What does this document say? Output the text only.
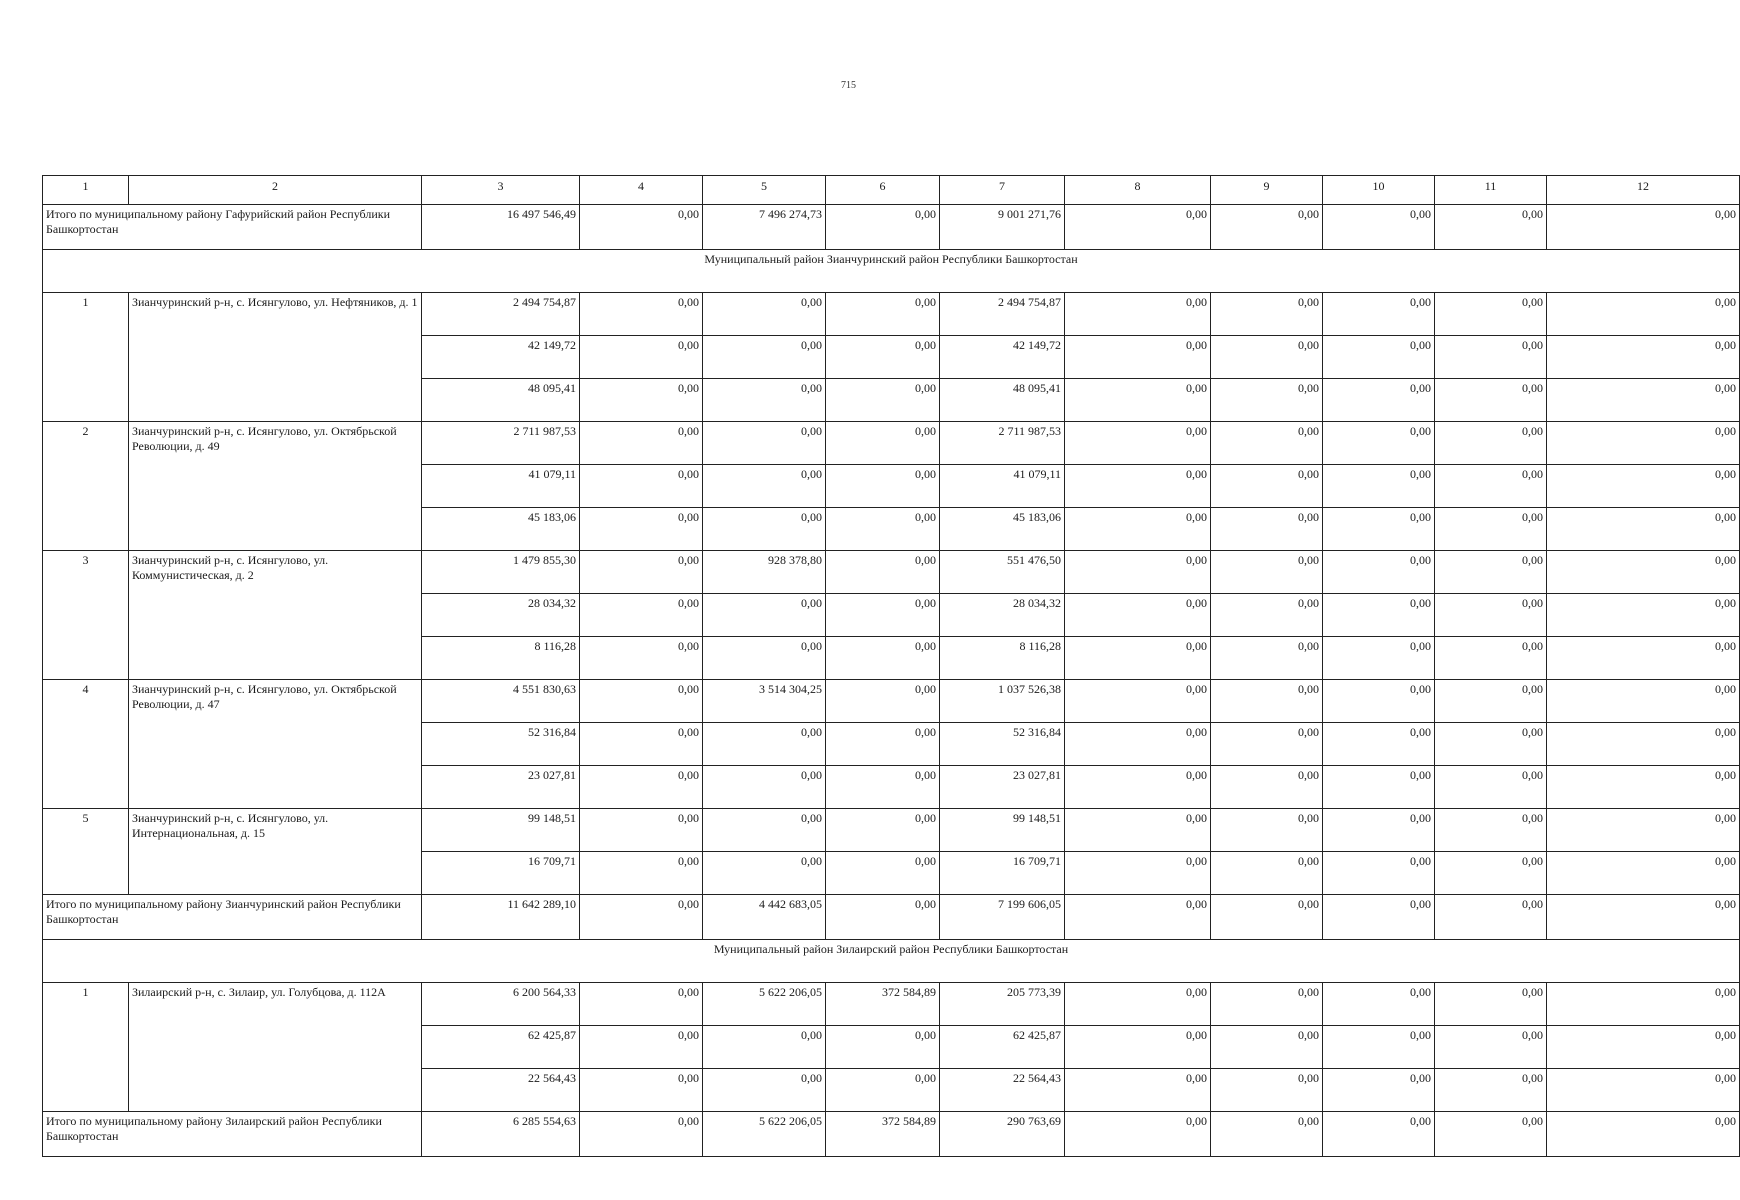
715
1	2	3	4	5	6	7	8	9	10	11	12
Итого по муниципальному району Гафурийский район Республики Башкортостан		16 497 546,49	0,00	7 496 274,73	0,00	9 001 271,76	0,00	0,00	0,00	0,00	0,00
Муниципальный район Зианчуринский район Республики Башкортостан											
1	Зианчуринский р-н, с. Исянгулово, ул. Нефтяников, д. 1	2 494 754,87	0,00	0,00	0,00	2 494 754,87	0,00	0,00	0,00	0,00	0,00
		42 149,72	0,00	0,00	0,00	42 149,72	0,00	0,00	0,00	0,00	0,00
		48 095,41	0,00	0,00	0,00	48 095,41	0,00	0,00	0,00	0,00	0,00
2	Зианчуринский р-н, с. Исянгулово, ул. Октябрьской Революции, д. 49	2 711 987,53	0,00	0,00	0,00	2 711 987,53	0,00	0,00	0,00	0,00	0,00
		41 079,11	0,00	0,00	0,00	41 079,11	0,00	0,00	0,00	0,00	0,00
		45 183,06	0,00	0,00	0,00	45 183,06	0,00	0,00	0,00	0,00	0,00
3	Зианчуринский р-н, с. Исянгулово, ул. Коммунистическая, д. 2	1 479 855,30	0,00	928 378,80	0,00	551 476,50	0,00	0,00	0,00	0,00	0,00
		28 034,32	0,00	0,00	0,00	28 034,32	0,00	0,00	0,00	0,00	0,00
		8 116,28	0,00	0,00	0,00	8 116,28	0,00	0,00	0,00	0,00	0,00
4	Зианчуринский р-н, с. Исянгулово, ул. Октябрьской Революции, д. 47	4 551 830,63	0,00	3 514 304,25	0,00	1 037 526,38	0,00	0,00	0,00	0,00	0,00
		52 316,84	0,00	0,00	0,00	52 316,84	0,00	0,00	0,00	0,00	0,00
		23 027,81	0,00	0,00	0,00	23 027,81	0,00	0,00	0,00	0,00	0,00
5	Зианчуринский р-н, с. Исянгулово, ул. Интернациональная, д. 15	99 148,51	0,00	0,00	0,00	99 148,51	0,00	0,00	0,00	0,00	0,00
		16 709,71	0,00	0,00	0,00	16 709,71	0,00	0,00	0,00	0,00	0,00
Итого по муниципальному району Зианчуринский район Республики Башкортостан		11 642 289,10	0,00	4 442 683,05	0,00	7 199 606,05	0,00	0,00	0,00	0,00	0,00
Муниципальный район Зилаирский район Республики Башкортостан											
1	Зилаирский р-н, с. Зилаир, ул. Голубцова, д. 112А	6 200 564,33	0,00	5 622 206,05	372 584,89	205 773,39	0,00	0,00	0,00	0,00	0,00
		62 425,87	0,00	0,00	0,00	62 425,87	0,00	0,00	0,00	0,00	0,00
		22 564,43	0,00	0,00	0,00	22 564,43	0,00	0,00	0,00	0,00	0,00
Итого по муниципальному району Зилаирский район Республики Башкортостан		6 285 554,63	0,00	5 622 206,05	372 584,89	290 763,69	0,00	0,00	0,00	0,00	0,00
